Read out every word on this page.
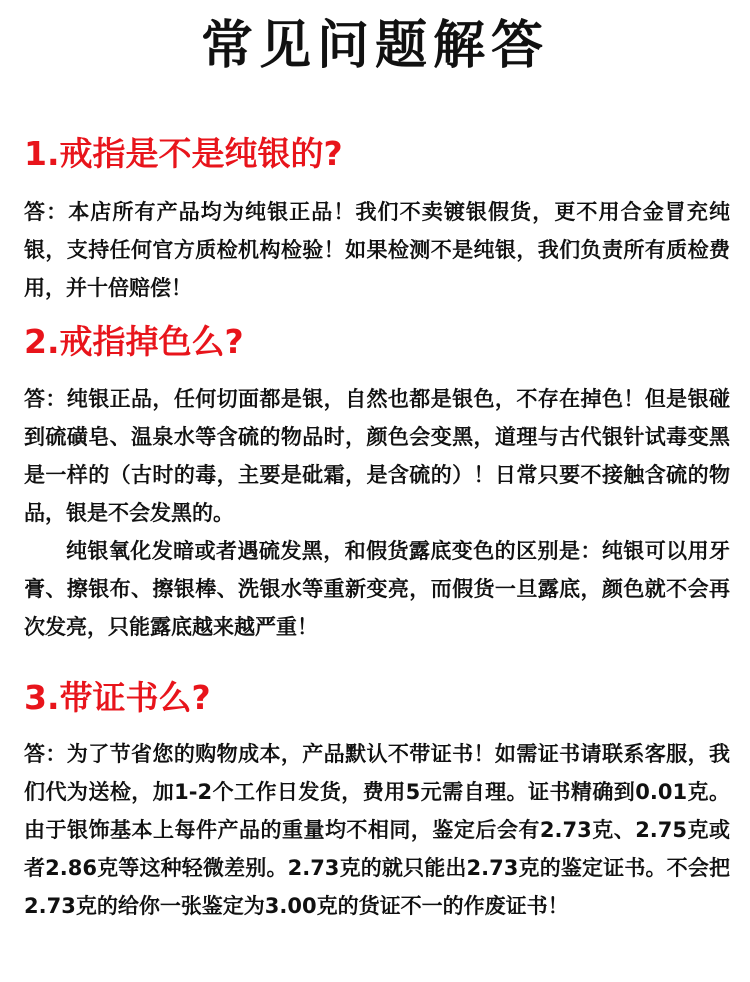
常见问题解答
1.戒指是不是纯银的?

答：本店所有产品均为纯银正品！我们不卖镀银假货，更不用合金冒充纯银，支持任何官方质检机构检验！如果检测不是纯银，我们负责所有质检费用，并十倍赔偿！

2.戒指掉色么?

答：纯银正品，任何切面都是银，自然也都是银色，不存在掉色！但是银碰到硫磺皂、温泉水等含硫的物品时，颜色会变黑，道理与古代银针试毒变黑是一样的（古时的毒，主要是砒霜，是含硫的）！日常只要不接触含硫的物品，银是不会发黑的。

纯银氧化发暗或者遇硫发黑，和假货露底变色的区别是：纯银可以用牙膏、擦银布、擦银棒、洗银水等重新变亮，而假货一旦露底，颜色就不会再次发亮，只能露底越来越严重！

3.带证书么?

答：为了节省您的购物成本，产品默认不带证书！如需证书请联系客服，我们代为送检，加1-2个工作日发货，费用5元需自理。证书精确到0.01克。由于银饰基本上每件产品的重量均不相同，鉴定后会有2.73克、2.75克或者2.86克等这种轻微差别。2.73克的就只能出2.73克的鉴定证书。不会把2.73克的给你一张鉴定为3.00克的货证不一的作废证书！
